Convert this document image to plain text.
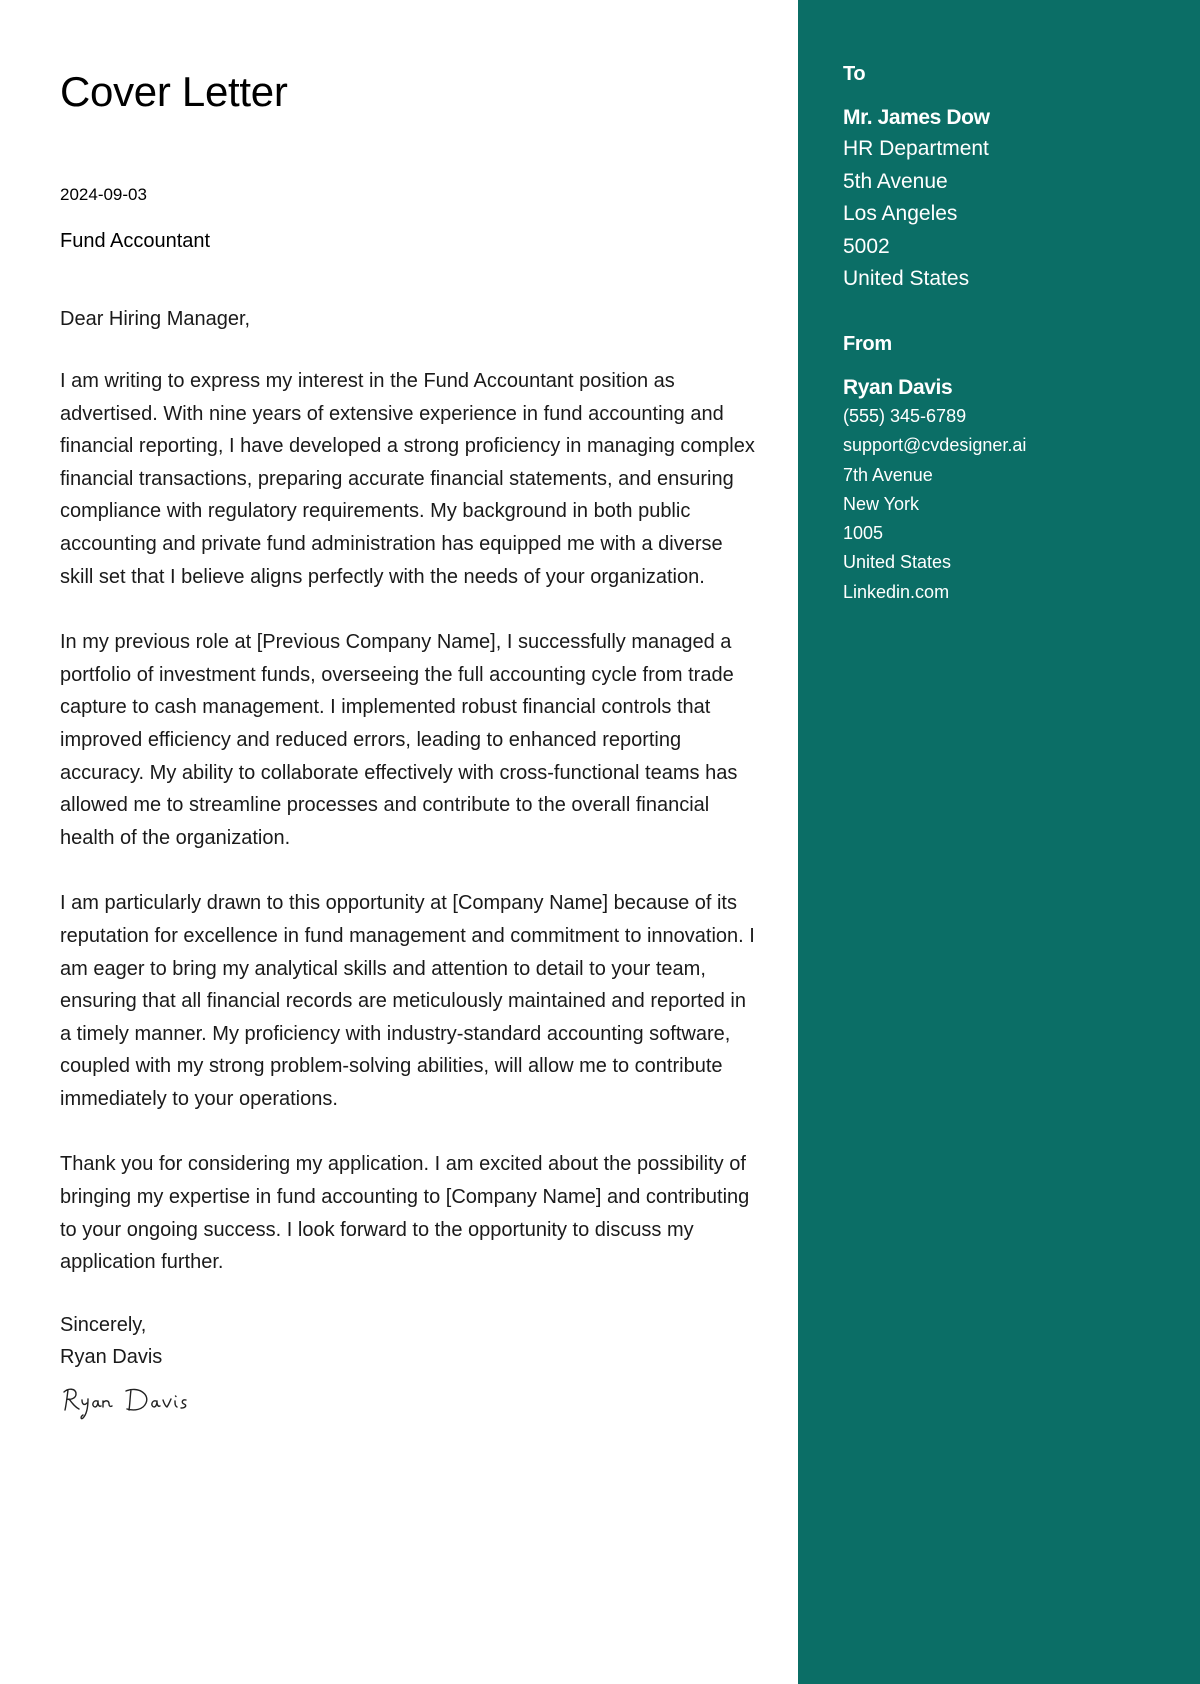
Cover Letter
2024-09-03
Fund Accountant
Dear Hiring Manager,
I am writing to express my interest in the Fund Accountant position as advertised. With nine years of extensive experience in fund accounting and financial reporting, I have developed a strong proficiency in managing complex financial transactions, preparing accurate financial statements, and ensuring compliance with regulatory requirements. My background in both public accounting and private fund administration has equipped me with a diverse skill set that I believe aligns perfectly with the needs of your organization.
In my previous role at [Previous Company Name], I successfully managed a portfolio of investment funds, overseeing the full accounting cycle from trade capture to cash management. I implemented robust financial controls that improved efficiency and reduced errors, leading to enhanced reporting accuracy. My ability to collaborate effectively with cross-functional teams has allowed me to streamline processes and contribute to the overall financial health of the organization.
I am particularly drawn to this opportunity at [Company Name] because of its reputation for excellence in fund management and commitment to innovation. I am eager to bring my analytical skills and attention to detail to your team, ensuring that all financial records are meticulously maintained and reported in a timely manner. My proficiency with industry-standard accounting software, coupled with my strong problem-solving abilities, will allow me to contribute immediately to your operations.
Thank you for considering my application. I am excited about the possibility of bringing my expertise in fund accounting to [Company Name] and contributing to your ongoing success. I look forward to the opportunity to discuss my application further.
Sincerely,
Ryan Davis
To
Mr. James Dow
HR Department
5th Avenue
Los Angeles
5002
United States
From
Ryan Davis
(555) 345-6789
support@cvdesigner.ai
7th Avenue
New York
1005
United States
Linkedin.com
